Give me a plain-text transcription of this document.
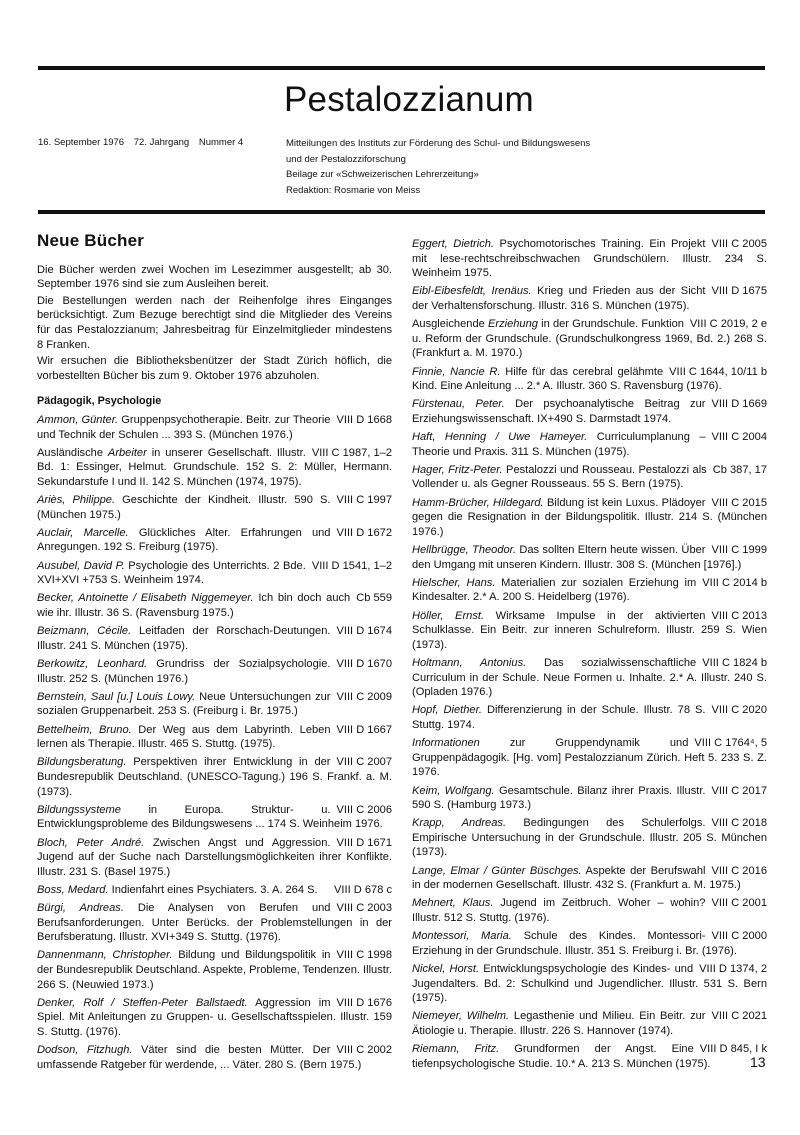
Pestalozzianum
16. September 1976 72. Jahrgang Nummer 4	Mitteilungen des Instituts zur Förderung des Schul- und Bildungswesens
und der Pestalozziforschung
Beilage zur «Schweizerischen Lehrerzeitung»
Redaktion: Rosmarie von Meiss
Neue Bücher

Die Bücher werden zwei Wochen im Lesezimmer ausgestellt; ab 30. September 1976 sind sie zum Ausleihen bereit.

Die Bestellungen werden nach der Reihenfolge ihres Einganges berücksichtigt. Zum Bezuge berechtigt sind die Mitglieder des Vereins für das Pestalozzianum; Jahresbeitrag für Einzelmitglieder mindestens 8 Franken.

Wir ersuchen die Bibliotheksbenützer der Stadt Zürich höflich, die vorbestellten Bücher bis zum 9. Oktober 1976 abzuholen.

Pädagogik, Psychologie
VIII D 1668
Ammon, Günter. Gruppenpsychotherapie. Beitr. zur Theorie und Technik der Schulen ... 393 S. (München 1976.)
VIII C 1987, 1–2
Ausländische Arbeiter in unserer Gesellschaft. Illustr. Bd. 1: Essinger, Helmut. Grundschule. 152 S. 2: Müller, Hermann. Sekundarstufe I und II. 142 S. München (1974, 1975).
VIII C 1997
Ariès, Philippe. Geschichte der Kindheit. Illustr. 590 S. (München 1975.)
VIII D 1672
Auclair, Marcelle. Glückliches Alter. Erfahrungen und Anregungen. 192 S. Freiburg (1975).
VIII D 1541, 1–2
Ausubel, David P. Psychologie des Unterrichts. 2 Bde. XVI+XVI +753 S. Weinheim 1974.
Cb 559
Becker, Antoinette / Elisabeth Niggemeyer. Ich bin doch auch wie ihr. Illustr. 36 S. (Ravensburg 1975.)
VIII D 1674
Beizmann, Cécile. Leitfaden der Rorschach-Deutungen. Illustr. 241 S. München (1975).
VIII D 1670
Berkowitz, Leonhard. Grundriss der Sozialpsychologie. Illustr. 252 S. (München 1976.)
VIII C 2009
Bernstein, Saul [u.] Louis Lowy. Neue Untersuchungen zur sozialen Gruppenarbeit. 253 S. (Freiburg i. Br. 1975.)
VIII D 1667
Bettelheim, Bruno. Der Weg aus dem Labyrinth. Leben lernen als Therapie. Illustr. 465 S. Stuttg. (1975).
VIII C 2007
Bildungsberatung. Perspektiven ihrer Entwicklung in der Bundesrepublik Deutschland. (UNESCO-Tagung.) 196 S. Frankf. a. M. (1973).
VIII C 2006
Bildungssysteme in Europa. Struktur- u. Entwicklungsprobleme des Bildungswesens ... 174 S. Weinheim 1976.
VIII D 1671
Bloch, Peter André. Zwischen Angst und Aggression. Jugend auf der Suche nach Darstellungsmöglichkeiten ihrer Konflikte. Illustr. 231 S. (Basel 1975.)
VIII D 678 c
Boss, Medard. Indienfahrt eines Psychiaters. 3. A. 264 S.
VIII C 2003
Bürgi, Andreas. Die Analysen von Berufen und Berufsanforderungen. Unter Berücks. der Problemstellungen in der Berufsberatung. Illustr. XVI+349 S. Stuttg. (1976).
VIII C 1998
Dannenmann, Christopher. Bildung und Bildungspolitik in der Bundesrepublik Deutschland. Aspekte, Probleme, Tendenzen. Illustr. 266 S. (Neuwied 1973.)
VIII D 1676
Denker, Rolf / Steffen-Peter Ballstaedt. Aggression im Spiel. Mit Anleitungen zu Gruppen- u. Gesellschaftsspielen. Illustr. 159 S. Stuttg. (1976).
VIII C 2002
Dodson, Fitzhugh. Väter sind die besten Mütter. Der umfassende Ratgeber für werdende, ... Väter. 280 S. (Bern 1975.)
VIII C 2005
Eggert, Dietrich. Psychomotorisches Training. Ein Projekt mit lese-rechtschreibschwachen Grundschülern. Illustr. 234 S. Weinheim 1975.
VIII D 1675
Eibl-Eibesfeldt, Irenäus. Krieg und Frieden aus der Sicht der Verhaltensforschung. Illustr. 316 S. München (1975).
VIII C 2019, 2 e
Ausgleichende Erziehung in der Grundschule. Funktion u. Reform der Grundschule. (Grundschulkongress 1969, Bd. 2.) 268 S. (Frankfurt a. M. 1970.)
VIII C 1644, 10/11 b
Finnie, Nancie R. Hilfe für das cerebral gelähmte Kind. Eine Anleitung ... 2.* A. Illustr. 360 S. Ravensburg (1976).
VIII D 1669
Fürstenau, Peter. Der psychoanalytische Beitrag zur Erziehungswissenschaft. IX+490 S. Darmstadt 1974.
VIII C 2004
Haft, Henning / Uwe Hameyer. Curriculumplanung – Theorie und Praxis. 311 S. München (1975).
Cb 387, 17
Hager, Fritz-Peter. Pestalozzi und Rousseau. Pestalozzi als Vollender u. als Gegner Rousseaus. 55 S. Bern (1975).
VIII C 2015
Hamm-Brücher, Hildegard. Bildung ist kein Luxus. Plädoyer gegen die Resignation in der Bildungspolitik. Illustr. 214 S. (München 1976.)
VIII C 1999
Hellbrügge, Theodor. Das sollten Eltern heute wissen. Über den Umgang mit unseren Kindern. Illustr. 308 S. (München [1976].)
VIII C 2014 b
Hielscher, Hans. Materialien zur sozialen Erziehung im Kindesalter. 2.* A. 200 S. Heidelberg (1976).
VIII C 2013
Höller, Ernst. Wirksame Impulse in der aktivierten Schulklasse. Ein Beitr. zur inneren Schulreform. Illustr. 259 S. Wien (1973).
VIII C 1824 b
Holtmann, Antonius. Das sozialwissenschaftliche Curriculum in der Schule. Neue Formen u. Inhalte. 2.* A. Illustr. 240 S. (Opladen 1976.)
VIII C 2020
Hopf, Diether. Differenzierung in der Schule. Illustr. 78 S. Stuttg. 1974.
VIII C 1764⁴, 5
Informationen zur Gruppendynamik und Gruppenpädagogik. [Hg. vom] Pestalozzianum Zürich. Heft 5. 233 S. Z. 1976.
VIII C 2017
Keim, Wolfgang. Gesamtschule. Bilanz ihrer Praxis. Illustr. 590 S. (Hamburg 1973.)
VIII C 2018
Krapp, Andreas. Bedingungen des Schulerfolgs. Empirische Untersuchung in der Grundschule. Illustr. 205 S. München (1973).
VIII C 2016
Lange, Elmar / Günter Büschges. Aspekte der Berufswahl in der modernen Gesellschaft. Illustr. 432 S. (Frankfurt a. M. 1975.)
VIII C 2001
Mehnert, Klaus. Jugend im Zeitbruch. Woher – wohin? Illustr. 512 S. Stuttg. (1976).
VIII C 2000
Montessori, Maria. Schule des Kindes. Montessori-Erziehung in der Grundschule. Illustr. 351 S. Freiburg i. Br. (1976).
VIII D 1374, 2
Nickel, Horst. Entwicklungspsychologie des Kindes- und Jugendalters. Bd. 2: Schulkind und Jugendlicher. Illustr. 531 S. Bern (1975).
VIII C 2021
Niemeyer, Wilhelm. Legasthenie und Milieu. Ein Beitr. zur Ätiologie u. Therapie. Illustr. 226 S. Hannover (1974).
VIII D 845, I k
Riemann, Fritz. Grundformen der Angst. Eine tiefenpsychologische Studie. 10.* A. 213 S. München (1975).	13
